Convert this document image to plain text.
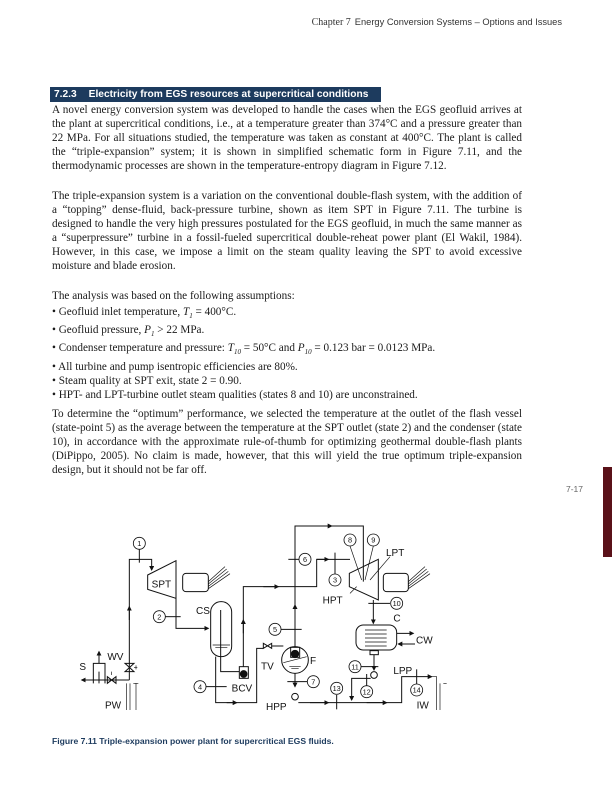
Chapter 7 Energy Conversion Systems – Options and Issues
7.2.3 Electricity from EGS resources at supercritical conditions

A novel energy conversion system was developed to handle the cases when the EGS geofluid arrives at the plant at supercritical conditions, i.e., at a temperature greater than 374°C and a pressure greater than 22 MPa. For all situations studied, the temperature was taken as constant at 400°C. The plant is called the “triple-expansion” system; it is shown in simplified schematic form in Figure 7.11, and the thermodynamic processes are shown in the temperature-entropy diagram in Figure 7.12.

The triple-expansion system is a variation on the conventional double-flash system, with the addition of a “topping” dense-fluid, back-pressure turbine, shown as item SPT in Figure 7.11. The turbine is designed to handle the very high pressures postulated for the EGS geofluid, in much the same manner as a “superpressure” turbine in a fossil-fueled supercritical double-reheat power plant (El Wakil, 1984). However, in this case, we impose a limit on the steam quality leaving the SPT to avoid excessive moisture and blade erosion.

The analysis was based on the following assumptions:

• Geofluid inlet temperature, $T_1 = 400^\circ C$.
• Geofluid pressure, $P_1 > 22$ MPa.
• Condenser temperature and pressure: $T_{10} = 50^\circ C$ and $P_{10} = 0.123$ bar = 0.0123 MPa.
• All turbine and pump isentropic efficiencies are 80%.
• Steam quality at SPT exit, state 2 = 0.90.
• HPT- and LPT-turbine outlet steam qualities (states 8 and 10) are unconstrained.

To determine the “optimum” performance, we selected the temperature at the outlet of the flash vessel (state-point 5) as the average between the temperature at the SPT outlet (state 2) and the condenser (state 10), in accordance with the approximate rule-of-thumb for optimizing geothermal double-flash plants (DiPippo, 2005). No claim is made, however, that this will yield the true optimum triple-expansion design, but it should not be far off.

7-17
1
2
3
4
5
6
7
8 9
10
11
12
13	14
SPT
CS
BCV
TV F
HPP
HPT
LPT
C
CW
LPP
IW
PW
S
WV
Figure 7.11 Triple-expansion power plant for supercritical EGS fluids.
